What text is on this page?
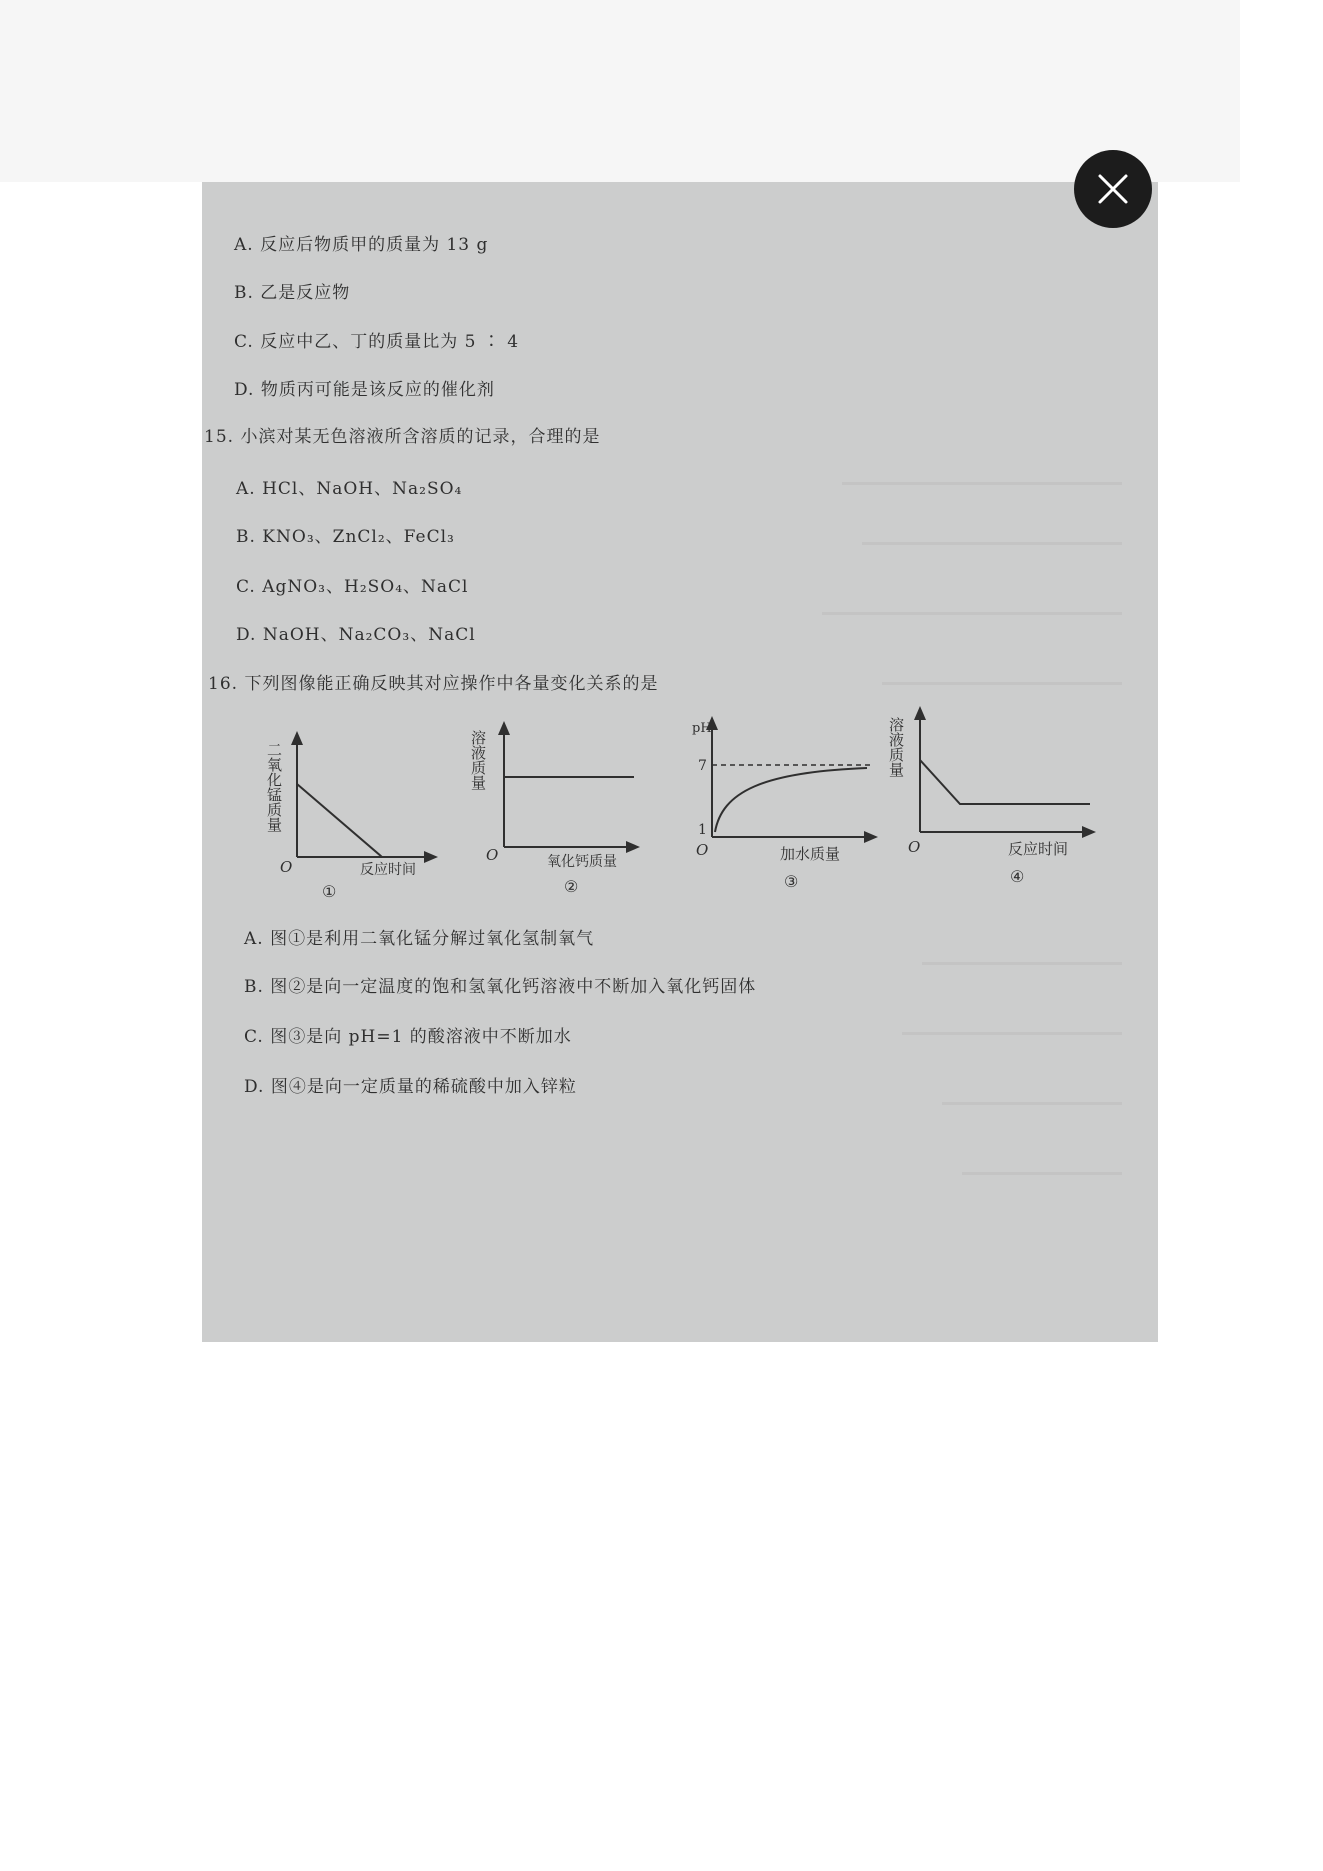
A. 反应后物质甲的质量为 13 g
B. 乙是反应物
C. 反应中乙、丁的质量比为 5 ∶ 4
D. 物质丙可能是该反应的催化剂
15. 小滨对某无色溶液所含溶质的记录，合理的是
A. HCl、NaOH、Na₂SO₄
B. KNO₃、ZnCl₂、FeCl₃
C. AgNO₃、H₂SO₄、NaCl
D. NaOH、Na₂CO₃、NaCl
16. 下列图像能正确反映其对应操作中各量变化关系的是
二氧化锰质量
O	反应时间
①
溶液质量
O	氧化钙质量
②
pH
7
1
O	加水质量
③
溶液质量
O	反应时间
④
A. 图①是利用二氧化锰分解过氧化氢制氧气
B. 图②是向一定温度的饱和氢氧化钙溶液中不断加入氧化钙固体
C. 图③是向 pH=1 的酸溶液中不断加水
D. 图④是向一定质量的稀硫酸中加入锌粒
